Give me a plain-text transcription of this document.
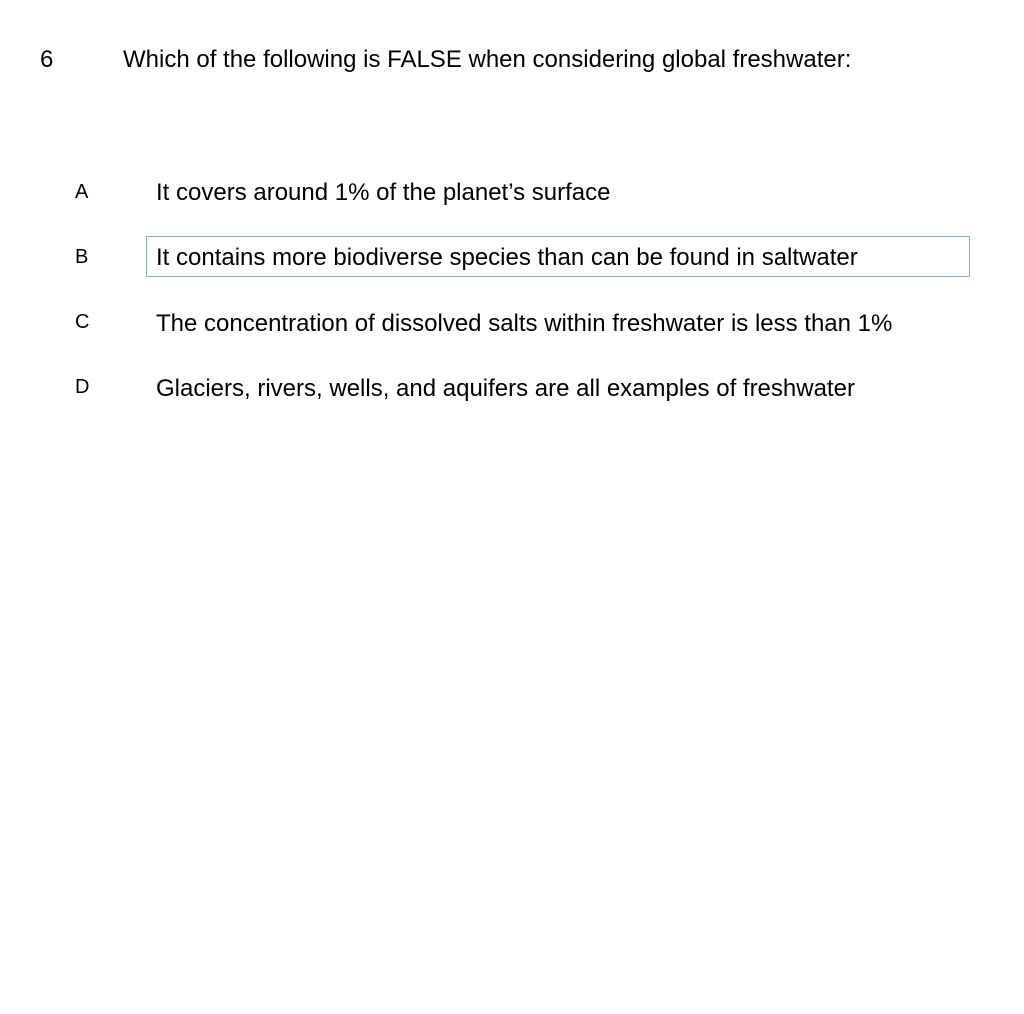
6	Which of the following is FALSE when considering global freshwater:
A	It covers around 1% of the planet’s surface
B	It contains more biodiverse species than can be found in saltwater
C	The concentration of dissolved salts within freshwater is less than 1%
D	Glaciers, rivers, wells, and aquifers are all examples of freshwater
